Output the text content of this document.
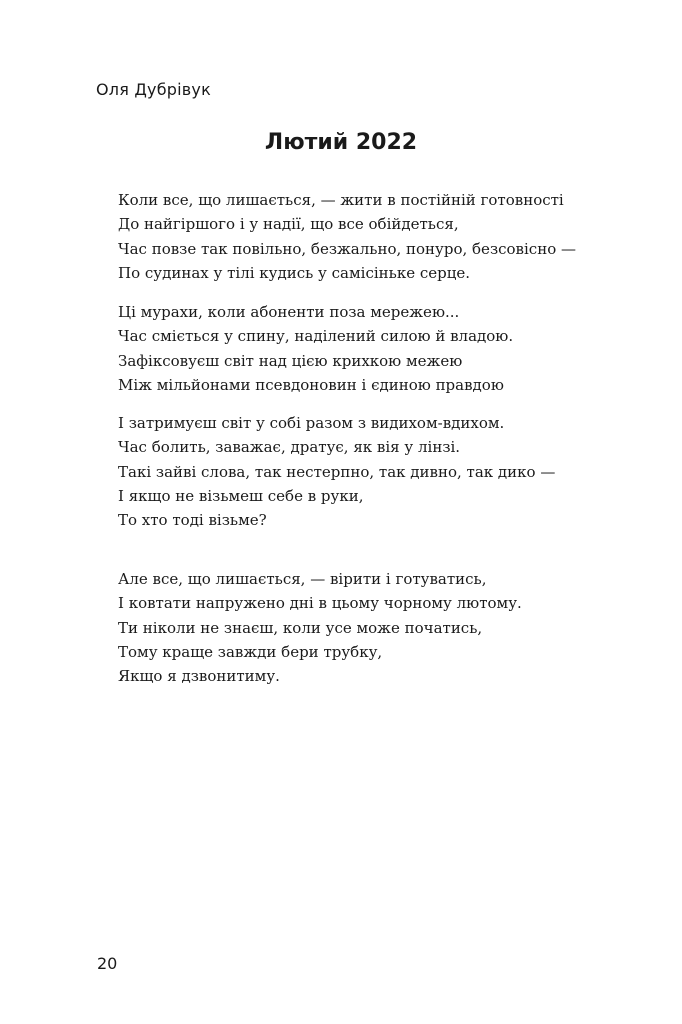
Оля Дубрівук
Лютий 2022
Коли все, що лишається, — жити в постійній готовності
До найгіршого і у надії, що все обійдеться,
Час повзе так повільно, безжально, понуро, безсовісно —
По судинах у тілі кудись у самісіньке серце.
Ці мурахи, коли абоненти поза мережею...
Час сміється у спину, наділений силою й владою.
Зафіксовуєш світ над цією крихкою межею
Між мільйонами псевдоновин і єдиною правдою
І затримуєш світ у собі разом з видихом-вдихом.
Час болить, заважає, дратує, як вія у лінзі.
Такі зайві слова, так нестерпно, так дивно, так дико —
І якщо не візьмеш себе в руки,
То хто тоді візьме?
Але все, що лишається, — вірити і готуватись,
І ковтати напружено дні в цьому чорному лютому.
Ти ніколи не знаєш, коли усе може початись,
Тому краще завжди бери трубку,
Якщо я дзвонитиму.
20
